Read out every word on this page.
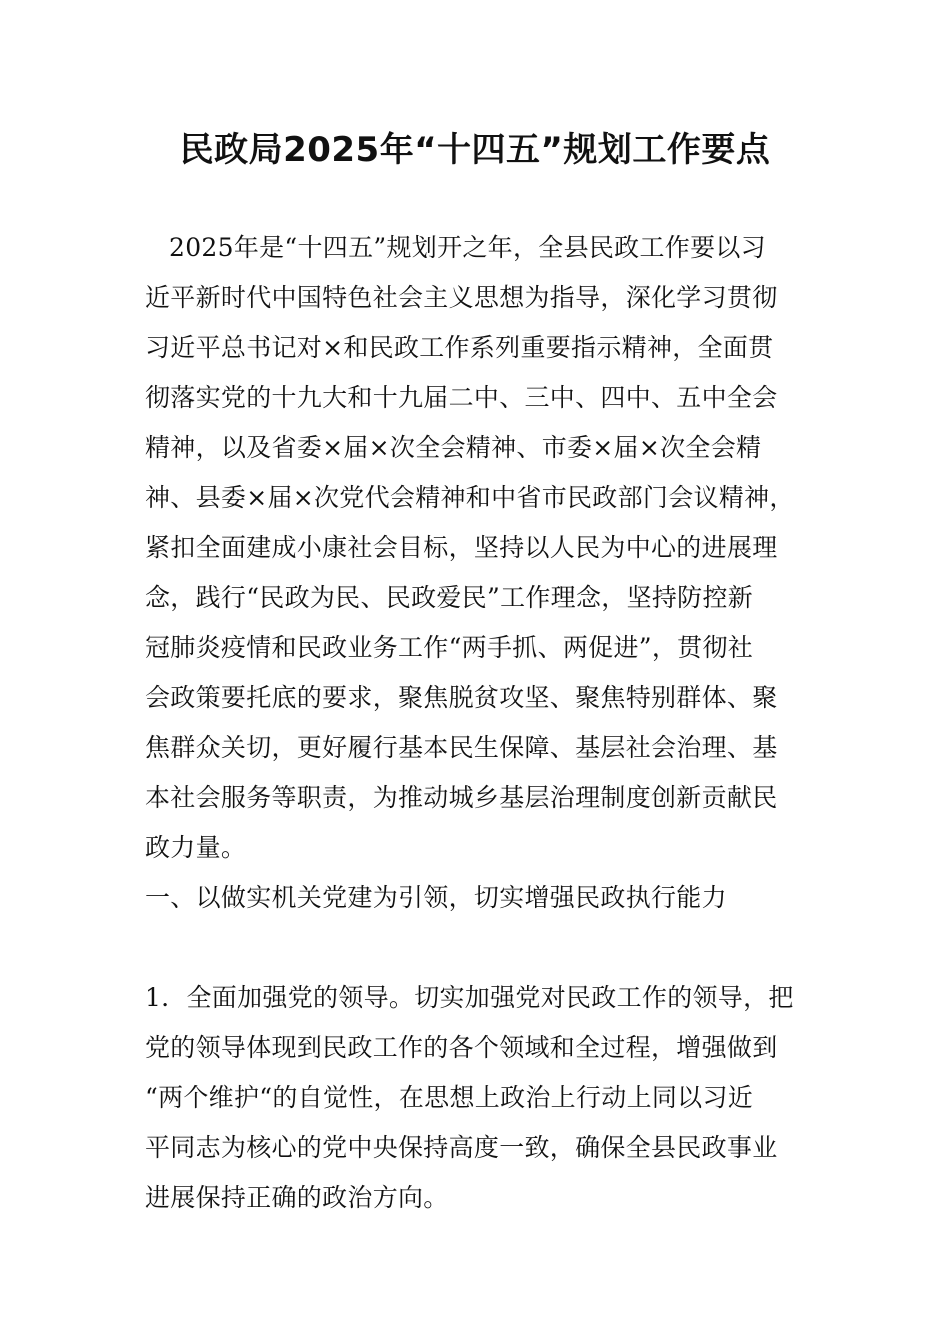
民政局2025年“十四五”规划工作要点
2025年是“十四五”规划开之年，全县民政工作要以习
近平新时代中国特色社会主义思想为指导，深化学习贯彻
习近平总书记对×和民政工作系列重要指示精神，全面贯
彻落实党的十九大和十九届二中、三中、四中、五中全会
精神，以及省委×届×次全会精神、市委×届×次全会精
神、县委×届×次党代会精神和中省市民政部门会议精神，
紧扣全面建成小康社会目标，坚持以人民为中心的进展理
念，践行“民政为民、民政爱民”工作理念，坚持防控新
冠肺炎疫情和民政业务工作“两手抓、两促进”，贯彻社
会政策要托底的要求，聚焦脱贫攻坚、聚焦特别群体、聚
焦群众关切，更好履行基本民生保障、基层社会治理、基
本社会服务等职责，为推动城乡基层治理制度创新贡献民
政力量。
一、以做实机关党建为引领，切实增强民政执行能力
1．全面加强党的领导。切实加强党对民政工作的领导，把
党的领导体现到民政工作的各个领域和全过程，增强做到
“两个维护“的自觉性，在思想上政治上行动上同以习近
平同志为核心的党中央保持高度一致，确保全县民政事业
进展保持正确的政治方向。
